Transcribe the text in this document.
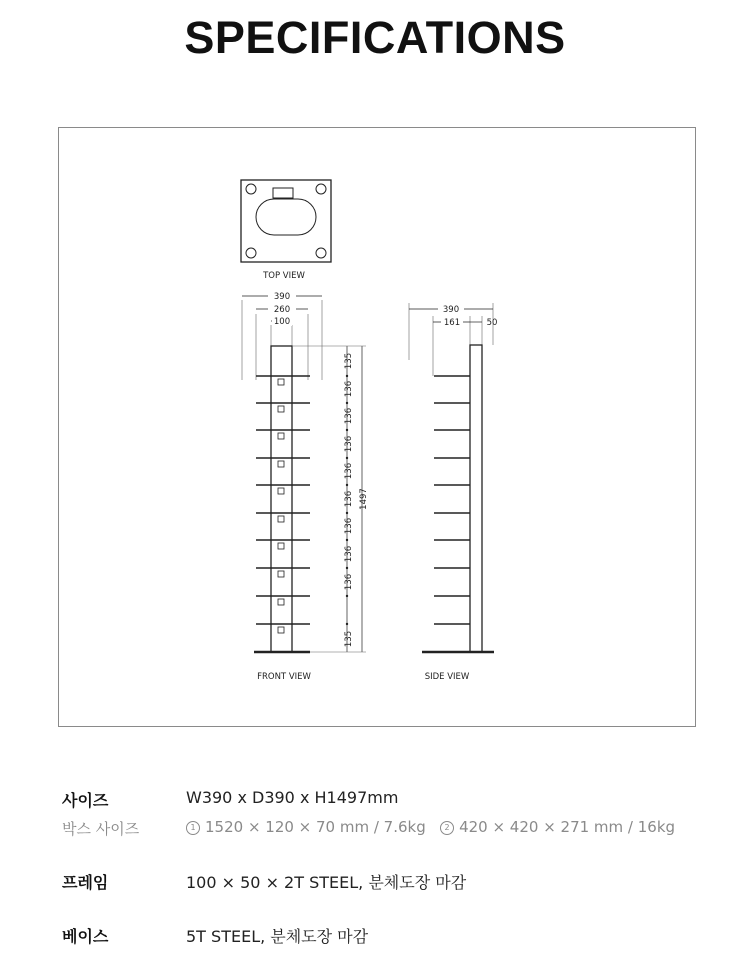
SPECIFICATIONS
TOP VIEW
390
260
100
135
136
136
136
136
136
136
136
136
135
1497
FRONT VIEW
390
161	50
SIDE VIEW
사이즈	W390 x D390 x H1497mm
박스 사이즈	1 1520 × 120 × 70 mm / 7.6kg 2 420 × 420 × 271 mm / 16kg
프레임	100 × 50 × 2T STEEL, 분체도장 마감
베이스	5T STEEL, 분체도장 마감
